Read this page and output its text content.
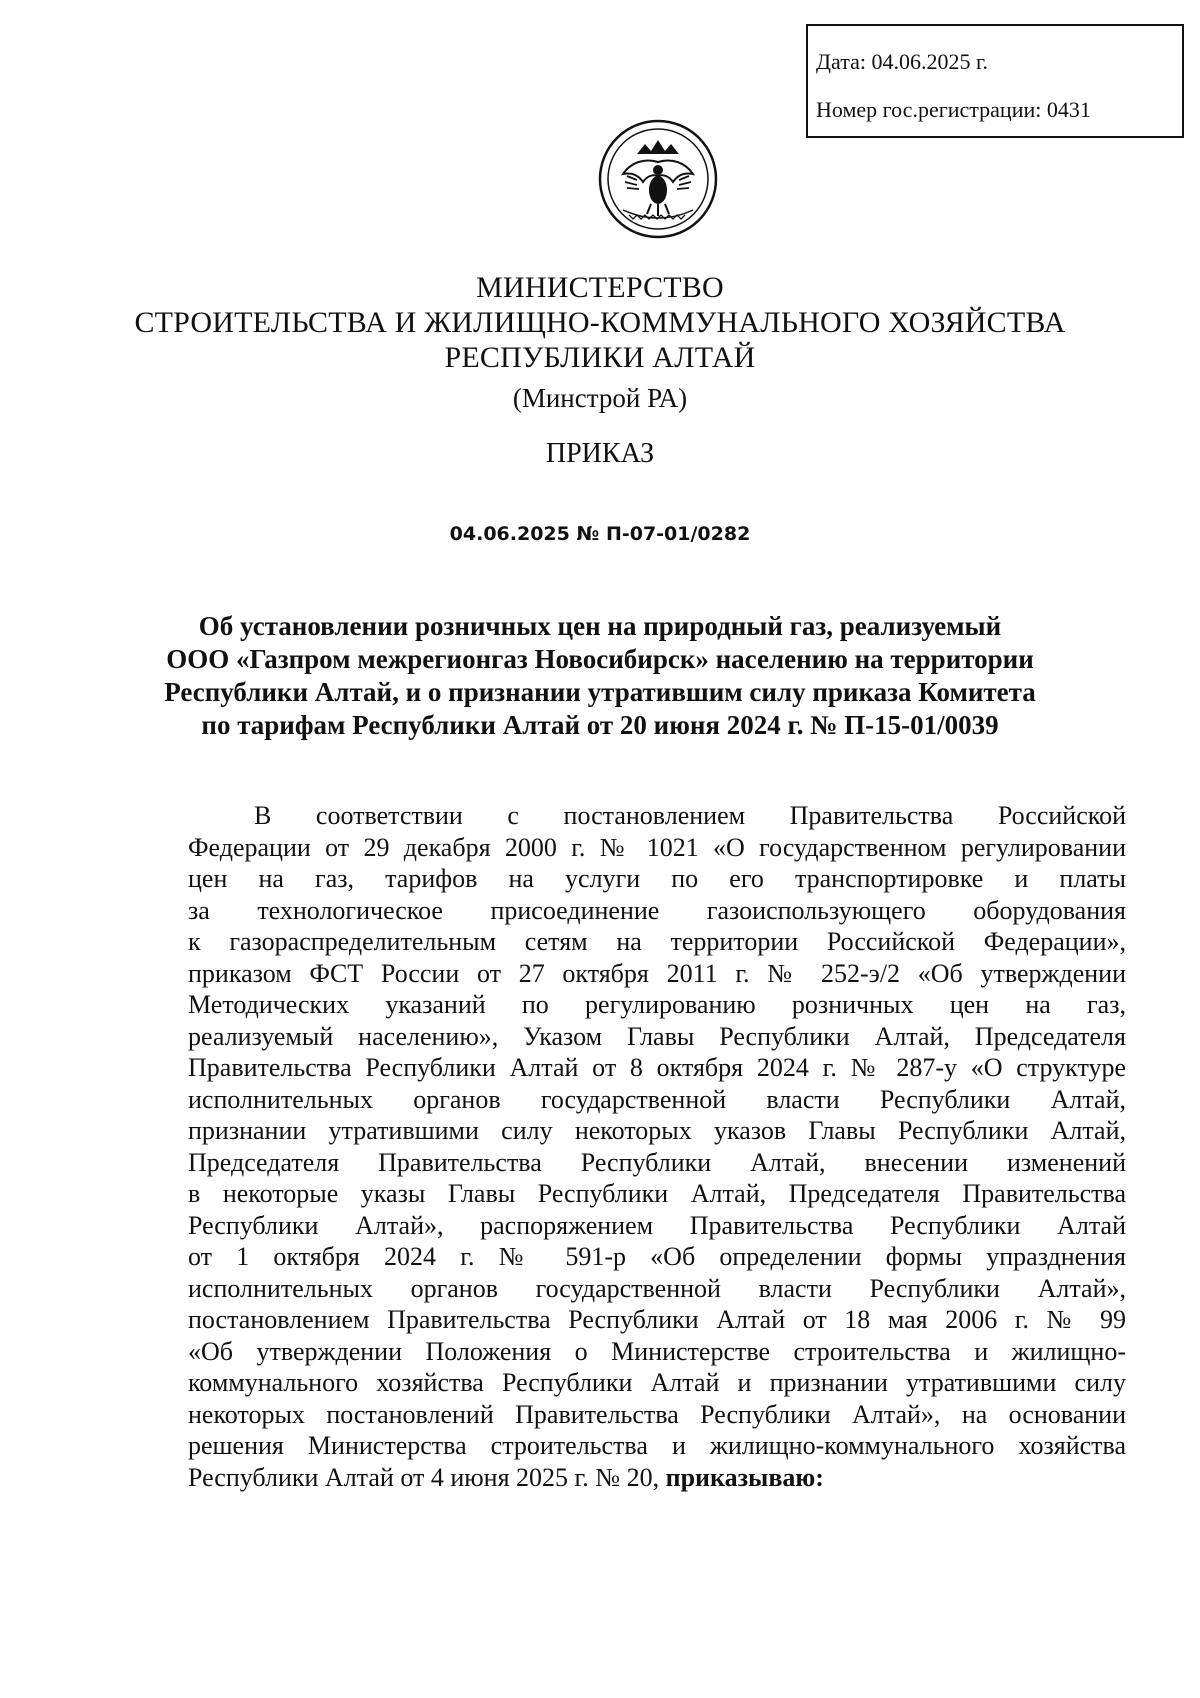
Дата: 04.06.2025 г.
Номер гос.регистрации: 0431
МИНИСТЕРСТВО
СТРОИТЕЛЬСТВА И ЖИЛИЩНО-КОММУНАЛЬНОГО ХОЗЯЙСТВА
РЕСПУБЛИКИ АЛТАЙ
(Минстрой РА)
ПРИКАЗ
04.06.2025 № П-07-01/0282
Об установлении розничных цен на природный газ, реализуемый
ООО «Газпром межрегионгаз Новосибирск» населению на территории
Республики Алтай, и о признании утратившим силу приказа Комитета
по тарифам Республики Алтай от 20 июня 2024 г. № П-15-01/0039
В соответствии с постановлением Правительства Российской
Федерации от 29 декабря 2000 г. № 1021 «О государственном регулировании
цен на газ, тарифов на услуги по его транспортировке и платы
за технологическое присоединение газоиспользующего оборудования
к газораспределительным сетям на территории Российской Федерации»,
приказом ФСТ России от 27 октября 2011 г. № 252-э/2 «Об утверждении
Методических указаний по регулированию розничных цен на газ,
реализуемый населению», Указом Главы Республики Алтай, Председателя
Правительства Республики Алтай от 8 октября 2024 г. № 287-у «О структуре
исполнительных органов государственной власти Республики Алтай,
признании утратившими силу некоторых указов Главы Республики Алтай,
Председателя Правительства Республики Алтай, внесении изменений
в некоторые указы Главы Республики Алтай, Председателя Правительства
Республики Алтай», распоряжением Правительства Республики Алтай
от 1 октября 2024 г. № 591-р «Об определении формы упразднения
исполнительных органов государственной власти Республики Алтай»,
постановлением Правительства Республики Алтай от 18 мая 2006 г. № 99
«Об утверждении Положения о Министерстве строительства и жилищно-
коммунального хозяйства Республики Алтай и признании утратившими силу
некоторых постановлений Правительства Республики Алтай», на основании
решения Министерства строительства и жилищно-коммунального хозяйства
Республики Алтай от 4 июня 2025 г. № 20, приказываю:
